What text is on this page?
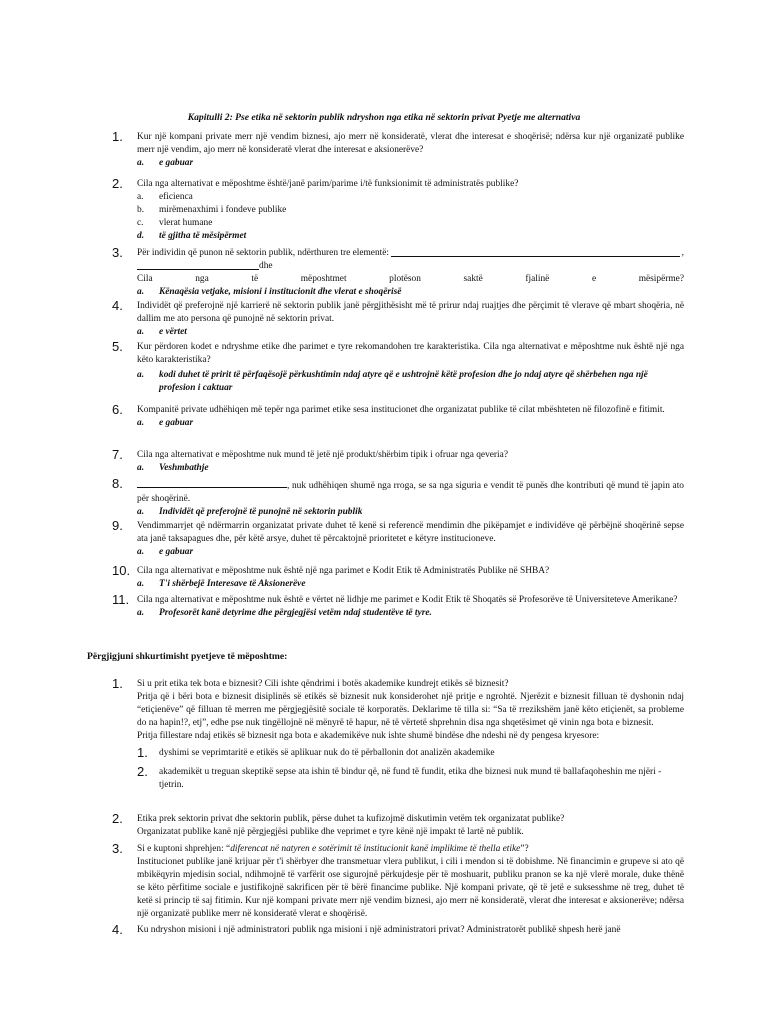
Kapitulli 2: Pse etika në sektorin publik ndryshon nga etika në sektorin privat Pyetje me alternativa
1. Kur një kompani private merr një vendim biznesi, ajo merr në konsideratë, vlerat dhe interesat e shoqërisë; ndërsa kur një organizatë publike merr një vendim, ajo merr në konsideratë vlerat dhe interesat e aksionerëve?
a. e gabuar
2. Cila nga alternativat e mëposhtme është/janë parim/parime i/të funksionimit të administratës publike?
a. eficienca
b. mirëmenaxhimi i fondeve publike
c. vlerat humane
d. të gjitha të mësipërmet
3. Për individin që punon në sektorin publik, ndërthuren tre elementë:	,
dhe
Cila	nga	të	mëposhtmet	plotëson	saktë	fjalinë	e	mësipërme?
a. Kënaqësia vetjake, misioni i institucionit dhe vlerat e shoqërisë
4. Individët që preferojnë një karrierë në sektorin publik janë përgjithësisht më të prirur ndaj ruajtjes dhe përçimit të vlerave që mbart shoqëria, në dallim me ato persona që punojnë në sektorin privat.
a. e vërtet
5. Kur përdoren kodet e ndryshme etike dhe parimet e tyre rekomandohen tre karakteristika. Cila nga alternativat e mëposhtme nuk është një nga këto karakteristika?
a. kodi duhet të pririt të përfaqësojë përkushtimin ndaj atyre që e ushtrojnë këtë profesion dhe jo ndaj atyre që shërbehen nga një profesion i caktuar
6. Kompanitë private udhëhiqen më tepër nga parimet etike sesa institucionet dhe organizatat publike të cilat mbështeten në filozofinë e fitimit.
a. e gabuar
7. Cila nga alternativat e mëposhtme nuk mund të jetë një produkt/shërbim tipik i ofruar nga qeveria?
a. Veshmbathje
8.	, nuk udhëhiqen shumë nga rroga, se sa nga siguria e vendit të punës dhe kontributi që mund të japin ato për shoqërinë.
a. Individët që preferojnë të punojnë në sektorin publik
9. Vendimmarrjet që ndërmarrin organizatat private duhet të kenë si referencë mendimin dhe pikëpamjet e individëve që përbëjnë shoqërinë sepse ata janë taksapagues dhe, për këtë arsye, duhet të përcaktojnë prioritetet e këtyre institucioneve.
a. e gabuar
10. Cila nga alternativat e mëposhtme nuk është një nga parimet e Kodit Etik të Administratës Publike në SHBA?
a. T'i shërbejë Interesave të Aksionerëve
11. Cila nga alternativat e mëposhtme nuk është e vërtet në lidhje me parimet e Kodit Etik të Shoqatës së Profesorëve të Universiteteve Amerikane?
a. Profesorët kanë detyrime dhe përgjegjësi vetëm ndaj studentëve të tyre.
Përgjigjuni shkurtimisht pyetjeve të mëposhtme:
1. Si u prit etika tek bota e biznesit? Cili ishte qëndrimi i botës akademike kundrejt etikës së biznesit?
Pritja që i bëri bota e biznesit disiplinës së etikës së biznesit nuk konsiderohet një pritje e ngrohtë. Njerëzit e biznesit filluan të dyshonin ndaj “etiçienëve” që filluan të merren me përgjegjësitë sociale të korporatës. Deklarime të tilla si: “Sa të rrezikshëm janë këto etiçienët, sa probleme do na hapin!?, etj”, edhe pse nuk tingëllojnë në mënyrë të hapur, në të vërtetë shprehnin disa nga shqetësimet që vinin nga bota e biznesit.
Pritja fillestare ndaj etikës së biznesit nga bota e akademikëve nuk ishte shumë bindëse dhe ndeshi në dy pengesa kryesore:
1. dyshimi se veprimtaritë e etikës së aplikuar nuk do të përballonin dot analizën akademike
2. akademikët u treguan skeptikë sepse ata ishin të bindur që, në fund të fundit, etika dhe biznesi nuk mund të ballafaqoheshin me njëri - tjetrin.
2. Etika prek sektorin privat dhe sektorin publik, përse duhet ta kufizojmë diskutimin vetëm tek organizatat publike?
Organizatat publike kanë një përgjegjësi publike dhe veprimet e tyre kënë një impakt të lartë në publik.
3. Si e kuptoni shprehjen: “diferencat në natyren e sotërimit të institucionit kanë implikime të thella etike”?
Institucionet publike janë krijuar për t'i shërbyer dhe transmetuar vlera publikut, i cili i mendon si të dobishme. Në financimin e grupeve si ato që mbikëqyrin mjedisin social, ndihmojnë të varfërit ose sigurojnë përkujdesje për të moshuarit, publiku pranon se ka një vlerë morale, duke thënë se këto përfitime sociale e justifikojnë sakrificen për të bërë financime publike. Një kompani private, që të jetë e suksesshme në treg, duhet të ketë si princip të saj fitimin. Kur një kompani private merr një vendim biznesi, ajo merr në konsideratë, vlerat dhe interesat e aksionerëve; ndërsa një organizatë publike merr në konsideratë vlerat e shoqërisë.
4. Ku ndryshon misioni i një administratori publik nga misioni i një administratori privat? Administratorët publikë shpesh herë janë
